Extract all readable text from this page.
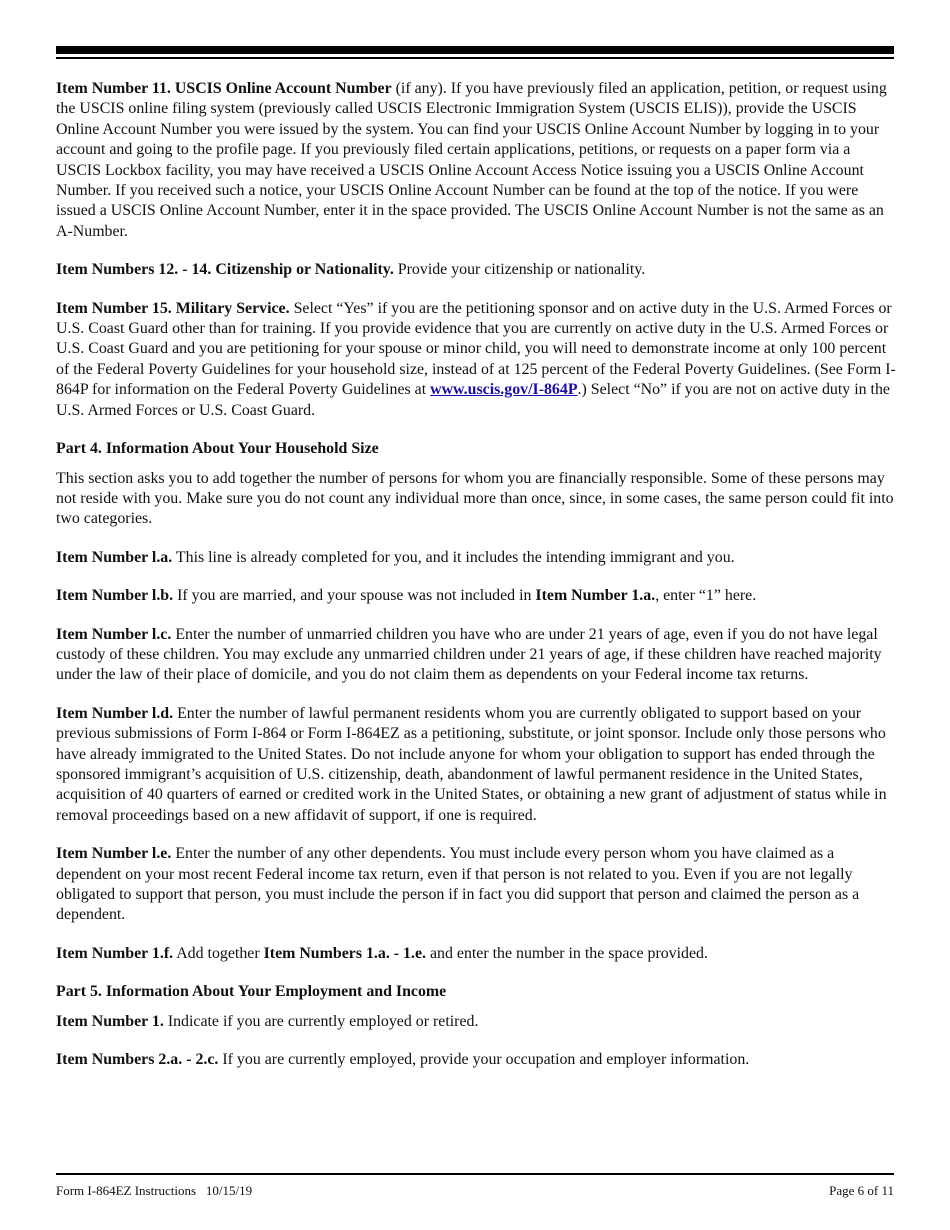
Item Number 11. USCIS Online Account Number (if any). If you have previously filed an application, petition, or request using the USCIS online filing system (previously called USCIS Electronic Immigration System (USCIS ELIS)), provide the USCIS Online Account Number you were issued by the system. You can find your USCIS Online Account Number by logging in to your account and going to the profile page. If you previously filed certain applications, petitions, or requests on a paper form via a USCIS Lockbox facility, you may have received a USCIS Online Account Access Notice issuing you a USCIS Online Account Number. If you received such a notice, your USCIS Online Account Number can be found at the top of the notice. If you were issued a USCIS Online Account Number, enter it in the space provided. The USCIS Online Account Number is not the same as an A-Number.

Item Numbers 12. - 14. Citizenship or Nationality. Provide your citizenship or nationality.

Item Number 15. Military Service. Select “Yes” if you are the petitioning sponsor and on active duty in the U.S. Armed Forces or U.S. Coast Guard other than for training. If you provide evidence that you are currently on active duty in the U.S. Armed Forces or U.S. Coast Guard and you are petitioning for your spouse or minor child, you will need to demonstrate income at only 100 percent of the Federal Poverty Guidelines for your household size, instead of at 125 percent of the Federal Poverty Guidelines. (See Form I-864P for information on the Federal Poverty Guidelines at www.uscis.gov/I-864P.) Select “No” if you are not on active duty in the U.S. Armed Forces or U.S. Coast Guard.

Part 4. Information About Your Household Size

This section asks you to add together the number of persons for whom you are financially responsible. Some of these persons may not reside with you. Make sure you do not count any individual more than once, since, in some cases, the same person could fit into two categories.

Item Number l.a. This line is already completed for you, and it includes the intending immigrant and you.

Item Number l.b. If you are married, and your spouse was not included in Item Number 1.a., enter “1” here.

Item Number l.c. Enter the number of unmarried children you have who are under 21 years of age, even if you do not have legal custody of these children. You may exclude any unmarried children under 21 years of age, if these children have reached majority under the law of their place of domicile, and you do not claim them as dependents on your Federal income tax returns.

Item Number l.d. Enter the number of lawful permanent residents whom you are currently obligated to support based on your previous submissions of Form I-864 or Form I-864EZ as a petitioning, substitute, or joint sponsor. Include only those persons who have already immigrated to the United States. Do not include anyone for whom your obligation to support has ended through the sponsored immigrant’s acquisition of U.S. citizenship, death, abandonment of lawful permanent residence in the United States, acquisition of 40 quarters of earned or credited work in the United States, or obtaining a new grant of adjustment of status while in removal proceedings based on a new affidavit of support, if one is required.

Item Number l.e. Enter the number of any other dependents. You must include every person whom you have claimed as a dependent on your most recent Federal income tax return, even if that person is not related to you. Even if you are not legally obligated to support that person, you must include the person if in fact you did support that person and claimed the person as a dependent.

Item Number 1.f. Add together Item Numbers 1.a. - 1.e. and enter the number in the space provided.

Part 5. Information About Your Employment and Income

Item Number 1. Indicate if you are currently employed or retired.

Item Numbers 2.a. - 2.c. If you are currently employed, provide your occupation and employer information.

Form I-864EZ Instructions   10/15/19	Page 6 of 11
